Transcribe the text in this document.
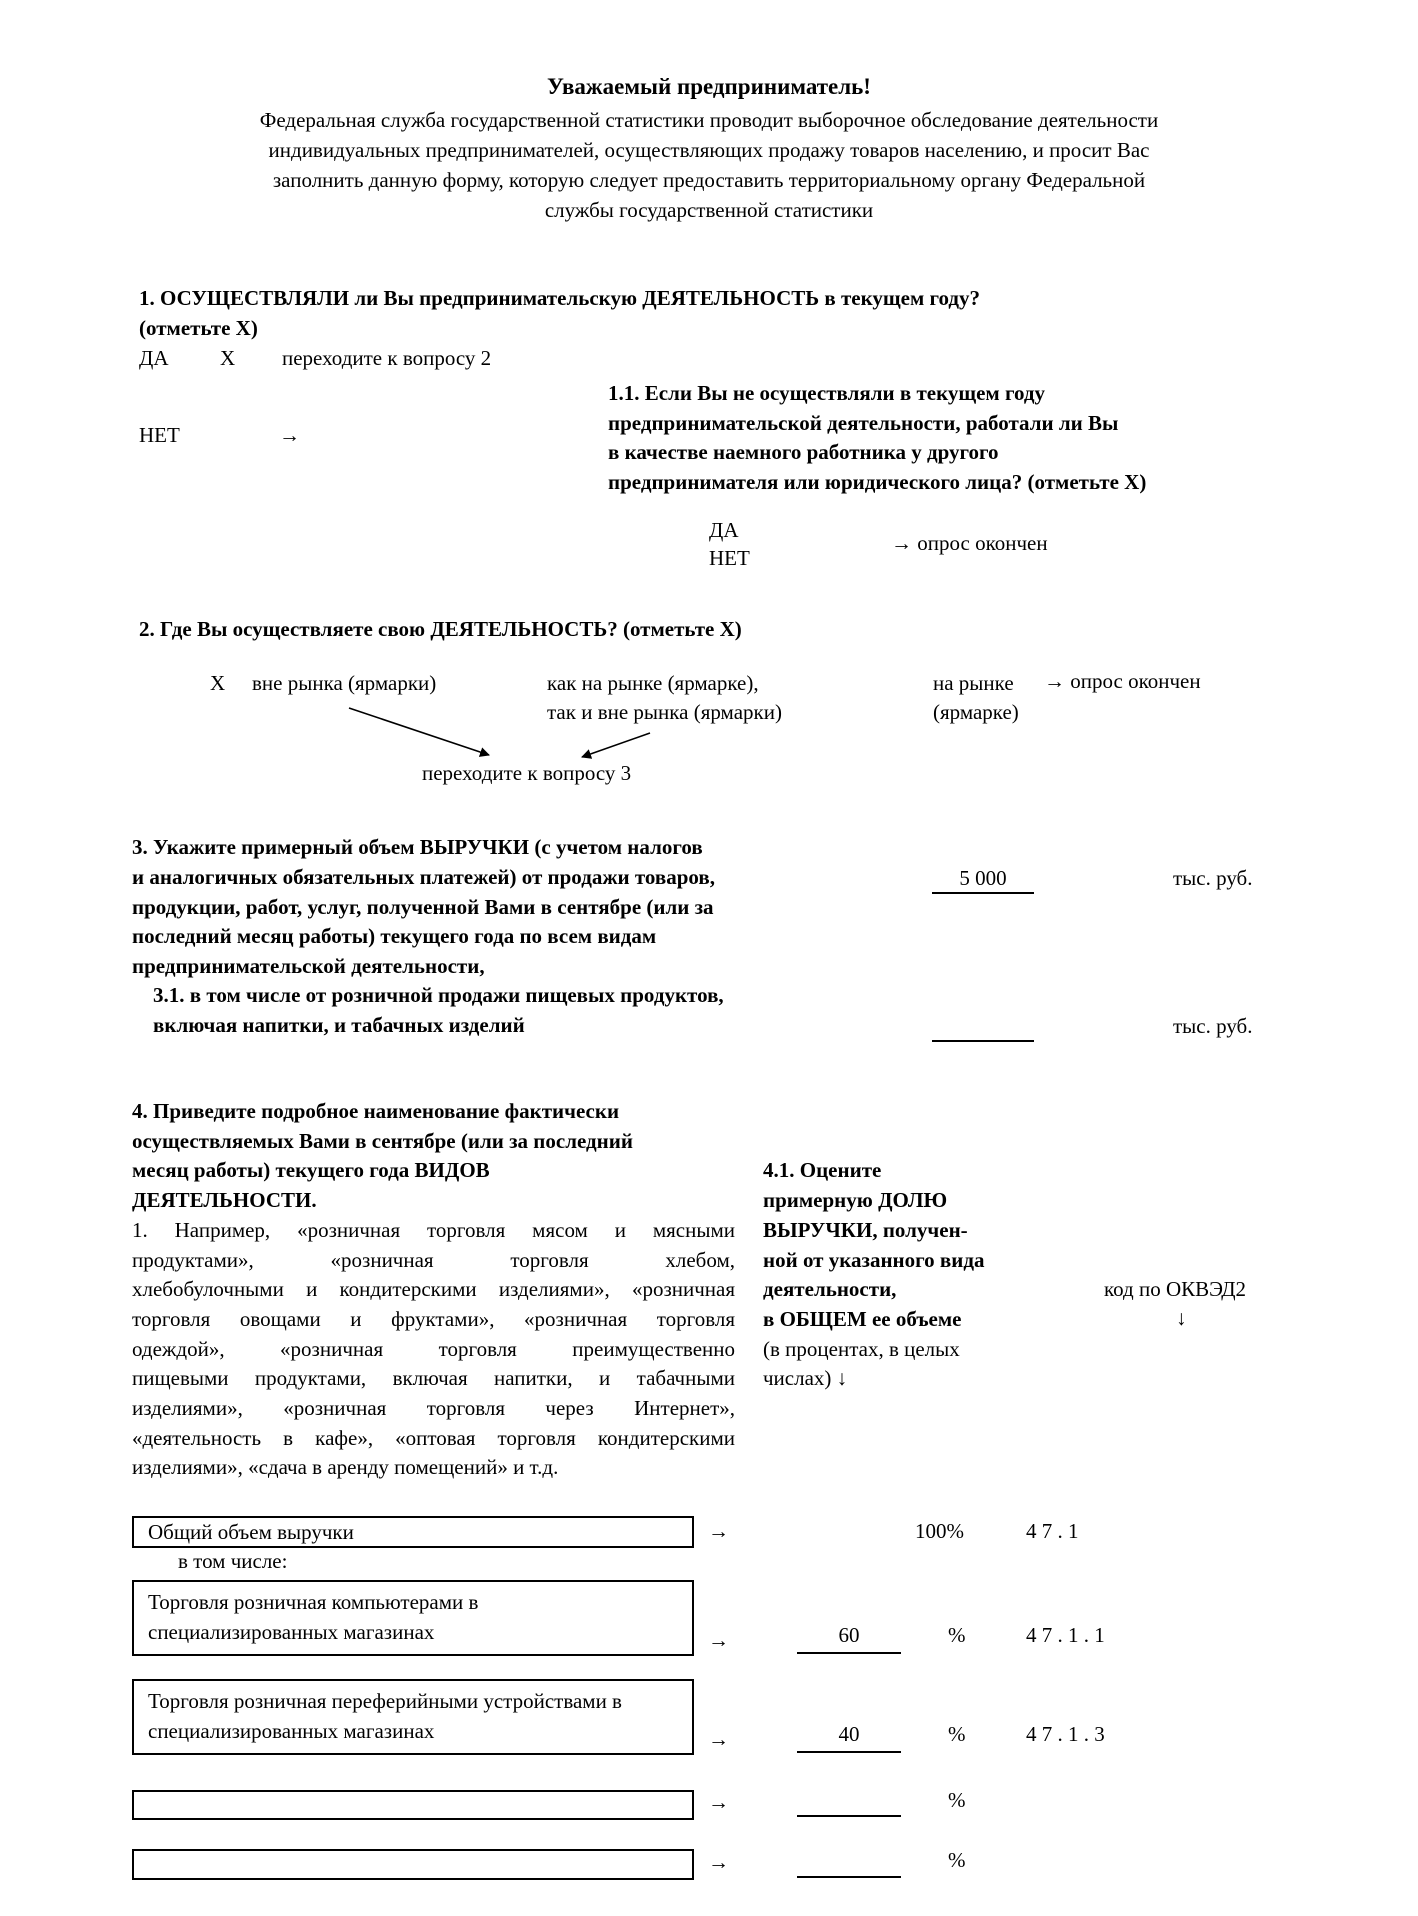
Уважаемый предприниматель!
Федеральная служба государственной статистики проводит выборочное обследование деятельности
индивидуальных предпринимателей, осуществляющих продажу товаров населению, и просит Вас
заполнить данную форму, которую следует предоставить территориальному органу Федеральной
службы государственной статистики
1. ОСУЩЕСТВЛЯЛИ ли Вы предпринимательскую ДЕЯТЕЛЬНОСТЬ в текущем году?
(отметьте Х)
ДА Х переходите к вопросу 2
НЕТ	→
1.1. Если Вы не осуществляли в текущем году
предпринимательской деятельности, работали ли Вы
в качестве наемного работника у другого
предпринимателя или юридического лица? (отметьте Х)
ДА
НЕТ
→ опрос окончен
2. Где Вы осуществляете свою ДЕЯТЕЛЬНОСТЬ? (отметьте Х)
Х вне рынка (ярмарки)	как на рынке (ярмарке),
так и вне рынка (ярмарки)
на рынке
(ярмарке)
→ опрос окончен
переходите к вопросу 3
3. Укажите примерный объем ВЫРУЧКИ (с учетом налогов
и аналогичных обязательных платежей) от продажи товаров,
продукции, работ, услуг, полученной Вами в сентябре (или за
последний месяц работы) текущего года по всем видам
предпринимательской деятельности,
5 000	тыс. руб.
3.1. в том числе от розничной продажи пищевых продуктов,
включая напитки, и табачных изделий	тыс. руб.
4. Приведите подробное наименование фактически
осуществляемых Вами в сентябре (или за последний
месяц работы) текущего года ВИДОВ
ДЕЯТЕЛЬНОСТИ.
1. Например, «розничная торговля мясом и мясными
продуктами», «розничная торговля хлебом,
хлебобулочными и кондитерскими изделиями», «розничная
торговля овощами и фруктами», «розничная торговля
одеждой», «розничная торговля преимущественно
пищевыми продуктами, включая напитки, и табачными
изделиями», «розничная торговля через Интернет»,
«деятельность в кафе», «оптовая торговля кондитерскими
изделиями», «сдача в аренду помещений» и т.д.
4.1. Оцените
примерную ДОЛЮ
ВЫРУЧКИ, получен-
ной от указанного вида
деятельности,
в ОБЩЕМ ее объеме
(в процентах, в целых
числах) ↓
код по ОКВЭД2
↓
Общий объем выручки	→	100%	4 7 . 1
в том числе:
Торговля розничная компьютерами в
специализированных магазинах	→	60	%	4 7 . 1 . 1
Торговля розничная переферийными устройствами в
специализированных магазинах	→	40	%	4 7 . 1 . 3
→	%
→	%
